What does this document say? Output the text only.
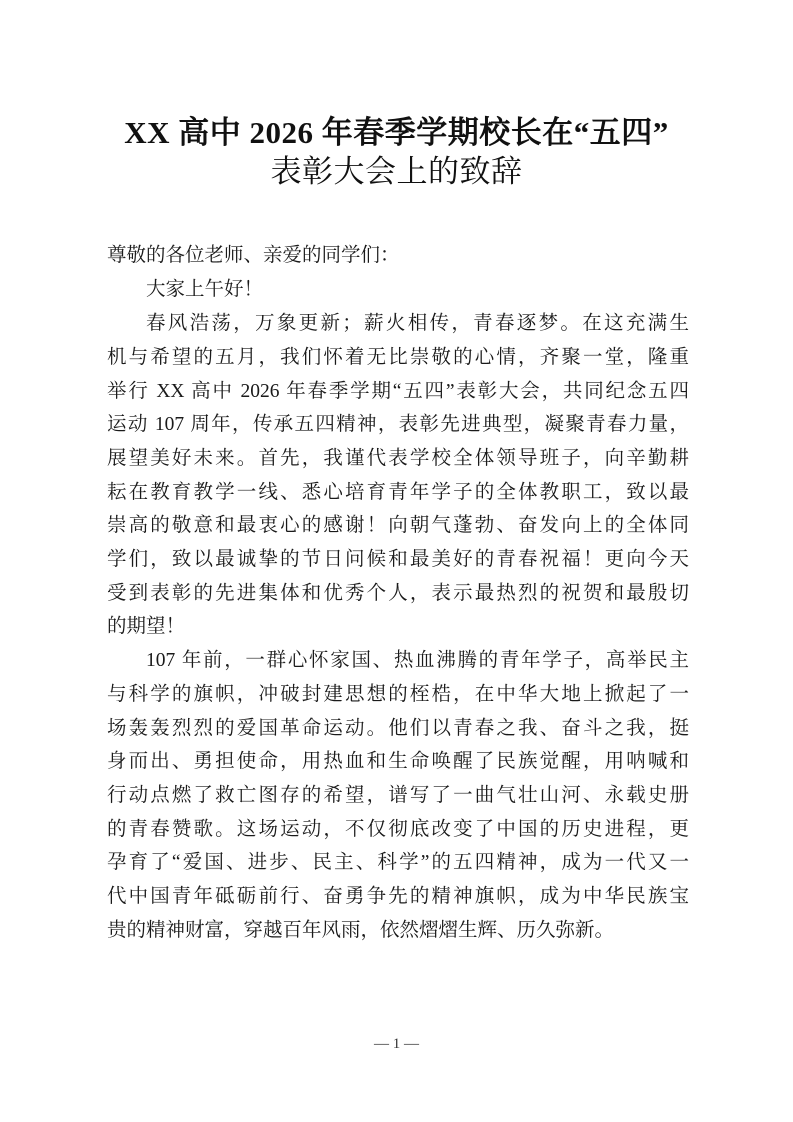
XX 高中 2026 年春季学期校长在“五四”
表彰大会上的致辞
尊敬的各位老师、亲爱的同学们：
大家上午好！
春风浩荡，万象更新；薪火相传，青春逐梦。在这充满生
机与希望的五月，我们怀着无比崇敬的心情，齐聚一堂，隆重
举行 XX 高中 2026 年春季学期“五四”表彰大会，共同纪念五四
运动 107 周年，传承五四精神，表彰先进典型，凝聚青春力量，
展望美好未来。首先，我谨代表学校全体领导班子，向辛勤耕
耘在教育教学一线、悉心培育青年学子的全体教职工，致以最
崇高的敬意和最衷心的感谢！向朝气蓬勃、奋发向上的全体同
学们，致以最诚挚的节日问候和最美好的青春祝福！更向今天
受到表彰的先进集体和优秀个人，表示最热烈的祝贺和最殷切
的期望！
107 年前，一群心怀家国、热血沸腾的青年学子，高举民主
与科学的旗帜，冲破封建思想的桎梏，在中华大地上掀起了一
场轰轰烈烈的爱国革命运动。他们以青春之我、奋斗之我，挺
身而出、勇担使命，用热血和生命唤醒了民族觉醒，用呐喊和
行动点燃了救亡图存的希望，谱写了一曲气壮山河、永载史册
的青春赞歌。这场运动，不仅彻底改变了中国的历史进程，更
孕育了“爱国、进步、民主、科学”的五四精神，成为一代又一
代中国青年砥砺前行、奋勇争先的精神旗帜，成为中华民族宝
贵的精神财富，穿越百年风雨，依然熠熠生辉、历久弥新。
— 1 —
